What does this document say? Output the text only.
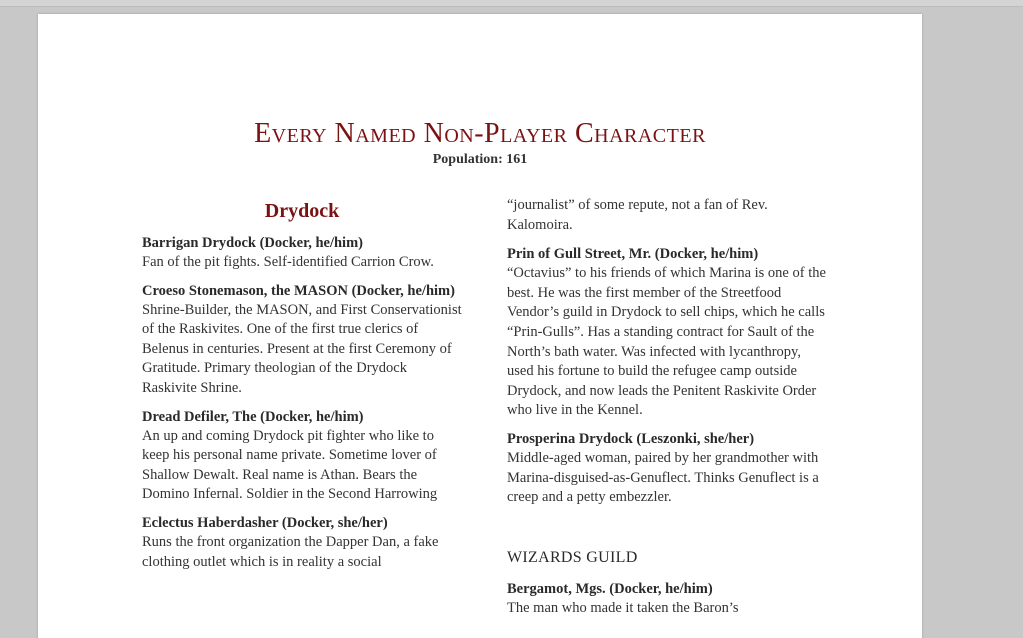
Every Named Non-Player Character
Population: 161
Drydock
Barrigan Drydock (Docker, he/him)
Fan of the pit fights. Self-identified Carrion Crow.
Croeso Stonemason, the MASON (Docker, he/him)
Shrine-Builder, the MASON, and First Conservationist of the Raskivites. One of the first true clerics of Belenus in centuries. Present at the first Ceremony of Gratitude. Primary theologian of the Drydock Raskivite Shrine.
Dread Defiler, The (Docker, he/him)
An up and coming Drydock pit fighter who like to keep his personal name private. Sometime lover of Shallow Dewalt. Real name is Athan. Bears the Domino Infernal. Soldier in the Second Harrowing
Eclectus Haberdasher (Docker, she/her)
Runs the front organization the Dapper Dan, a fake clothing outlet which is in reality a social
“journalist” of some repute, not a fan of Rev. Kalomoira.
Prin of Gull Street, Mr. (Docker, he/him)
“Octavius” to his friends of which Marina is one of the best. He was the first member of the Streetfood Vendor’s guild in Drydock to sell chips, which he calls “Prin-Gulls”. Has a standing contract for Sault of the North’s bath water. Was infected with lycanthropy, used his fortune to build the refugee camp outside Drydock, and now leads the Penitent Raskivite Order who live in the Kennel.
Prosperina Drydock (Leszonki, she/her)
Middle-aged woman, paired by her grandmother with Marina-disguised-as-Genuflect. Thinks Genuflect is a creep and a petty embezzler.
WIZARDS GUILD
Bergamot, Mgs. (Docker, he/him)
The man who made it taken the Baron’s
